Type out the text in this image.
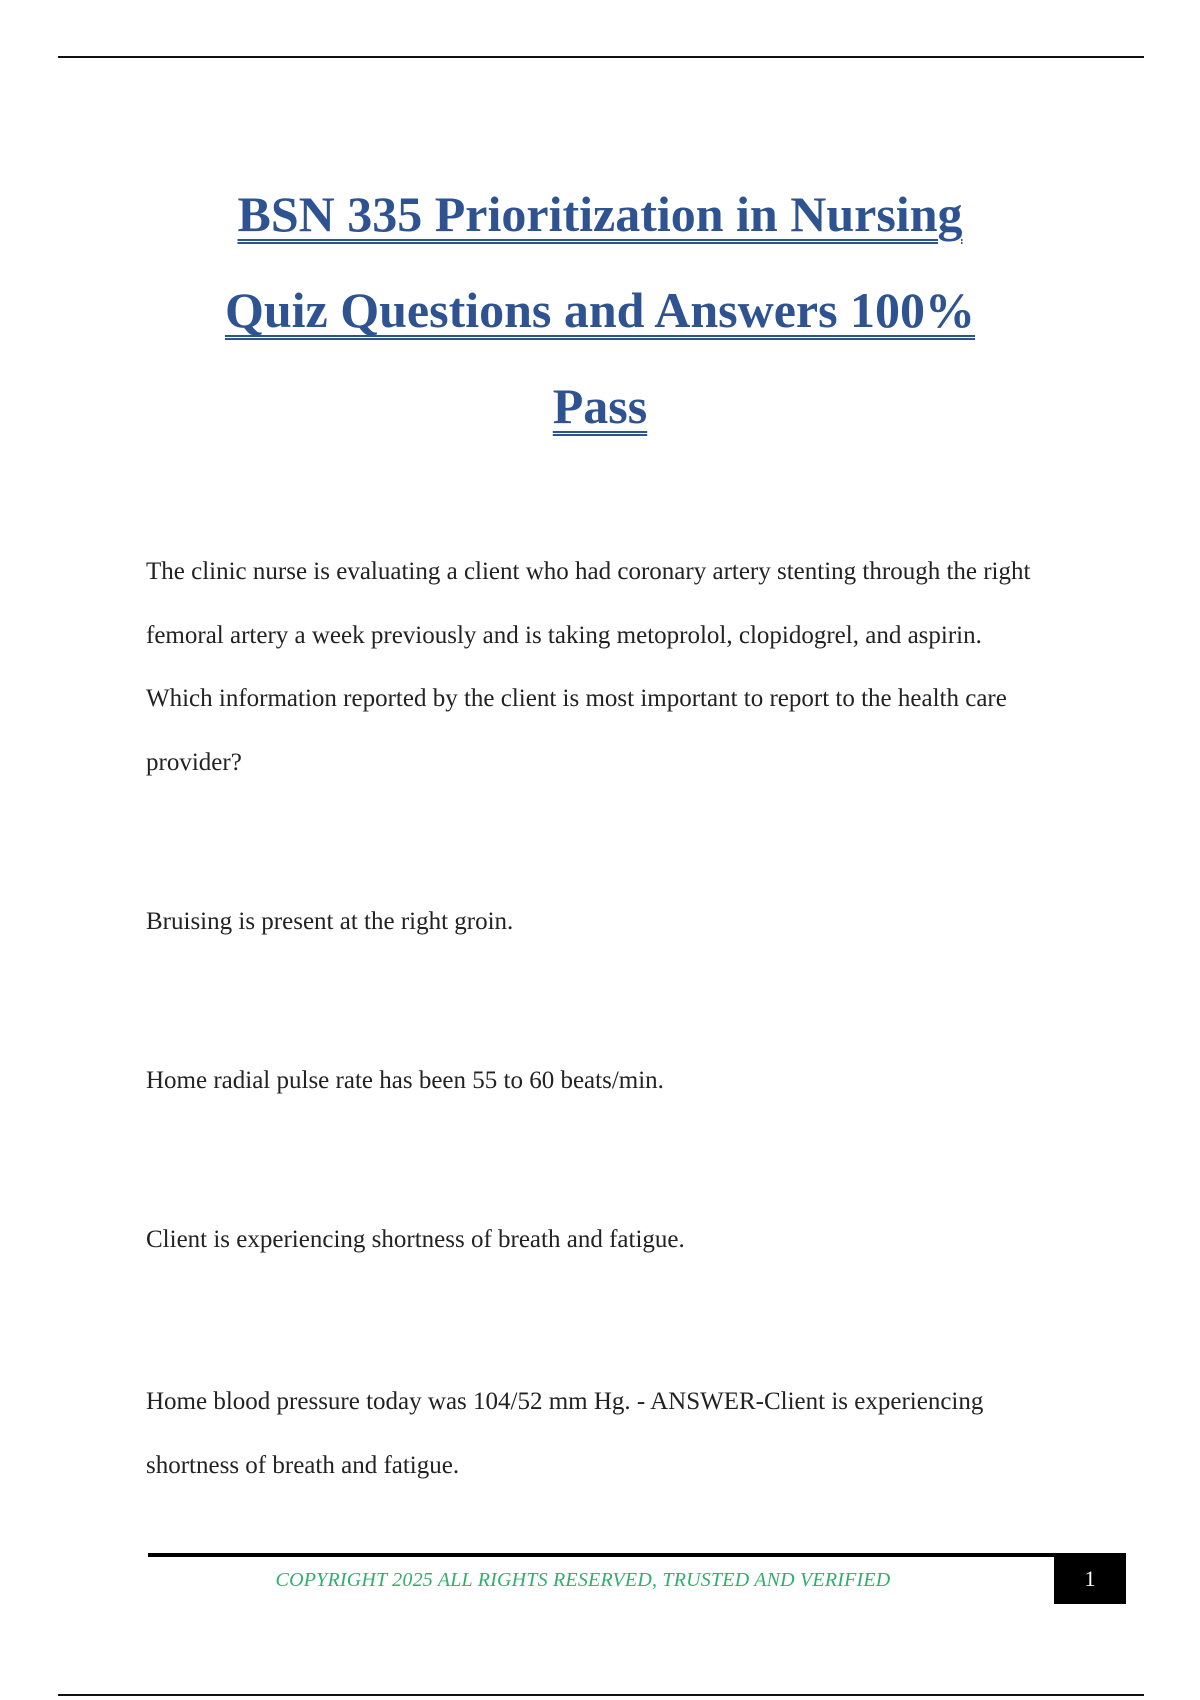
BSN 335 Prioritization in Nursing
Quiz Questions and Answers 100%
Pass

The clinic nurse is evaluating a client who had coronary artery stenting through the right femoral artery a week previously and is taking metoprolol, clopidogrel, and aspirin. Which information reported by the client is most important to report to the health care provider?

Bruising is present at the right groin.

Home radial pulse rate has been 55 to 60 beats/min.

Client is experiencing shortness of breath and fatigue.

Home blood pressure today was 104/52 mm Hg. - ANSWER-Client is experiencing shortness of breath and fatigue.

COPYRIGHT 2025 ALL RIGHTS RESERVED, TRUSTED AND VERIFIED	1
